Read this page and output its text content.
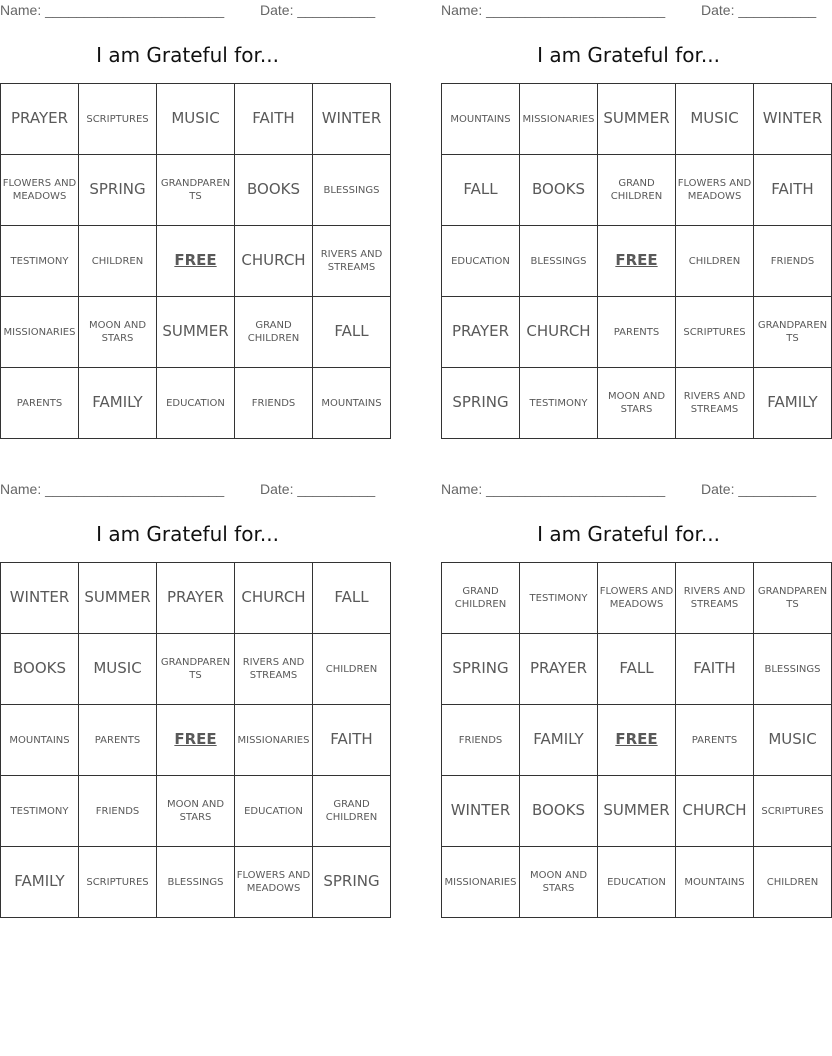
Name: _______________________	Date: __________
I am Grateful for...
PRAYER	SCRIPTURES	MUSIC	FAITH	WINTER
FLOWERS AND MEADOWS	SPRING	GRANDPARENTS	BOOKS	BLESSINGS
TESTIMONY	CHILDREN	FREE	CHURCH	RIVERS AND STREAMS
MISSIONARIES	MOON AND STARS	SUMMER	GRAND CHILDREN	FALL
PARENTS	FAMILY	EDUCATION	FRIENDS	MOUNTAINS
Name: _______________________	Date: __________
I am Grateful for...
MOUNTAINS	MISSIONARIES	SUMMER	MUSIC	WINTER
FALL	BOOKS	GRAND CHILDREN	FLOWERS AND MEADOWS	FAITH
EDUCATION	BLESSINGS	FREE	CHILDREN	FRIENDS
PRAYER	CHURCH	PARENTS	SCRIPTURES	GRANDPARENTS
SPRING	TESTIMONY	MOON AND STARS	RIVERS AND STREAMS	FAMILY
Name: _______________________	Date: __________
I am Grateful for...
WINTER	SUMMER	PRAYER	CHURCH	FALL
BOOKS	MUSIC	GRANDPARENTS	RIVERS AND STREAMS	CHILDREN
MOUNTAINS	PARENTS	FREE	MISSIONARIES	FAITH
TESTIMONY	FRIENDS	MOON AND STARS	EDUCATION	GRAND CHILDREN
FAMILY	SCRIPTURES	BLESSINGS	FLOWERS AND MEADOWS	SPRING
Name: _______________________	Date: __________
I am Grateful for...
GRAND CHILDREN	TESTIMONY	FLOWERS AND MEADOWS	RIVERS AND STREAMS	GRANDPARENTS
SPRING	PRAYER	FALL	FAITH	BLESSINGS
FRIENDS	FAMILY	FREE	PARENTS	MUSIC
WINTER	BOOKS	SUMMER	CHURCH	SCRIPTURES
MISSIONARIES	MOON AND STARS	EDUCATION	MOUNTAINS	CHILDREN
